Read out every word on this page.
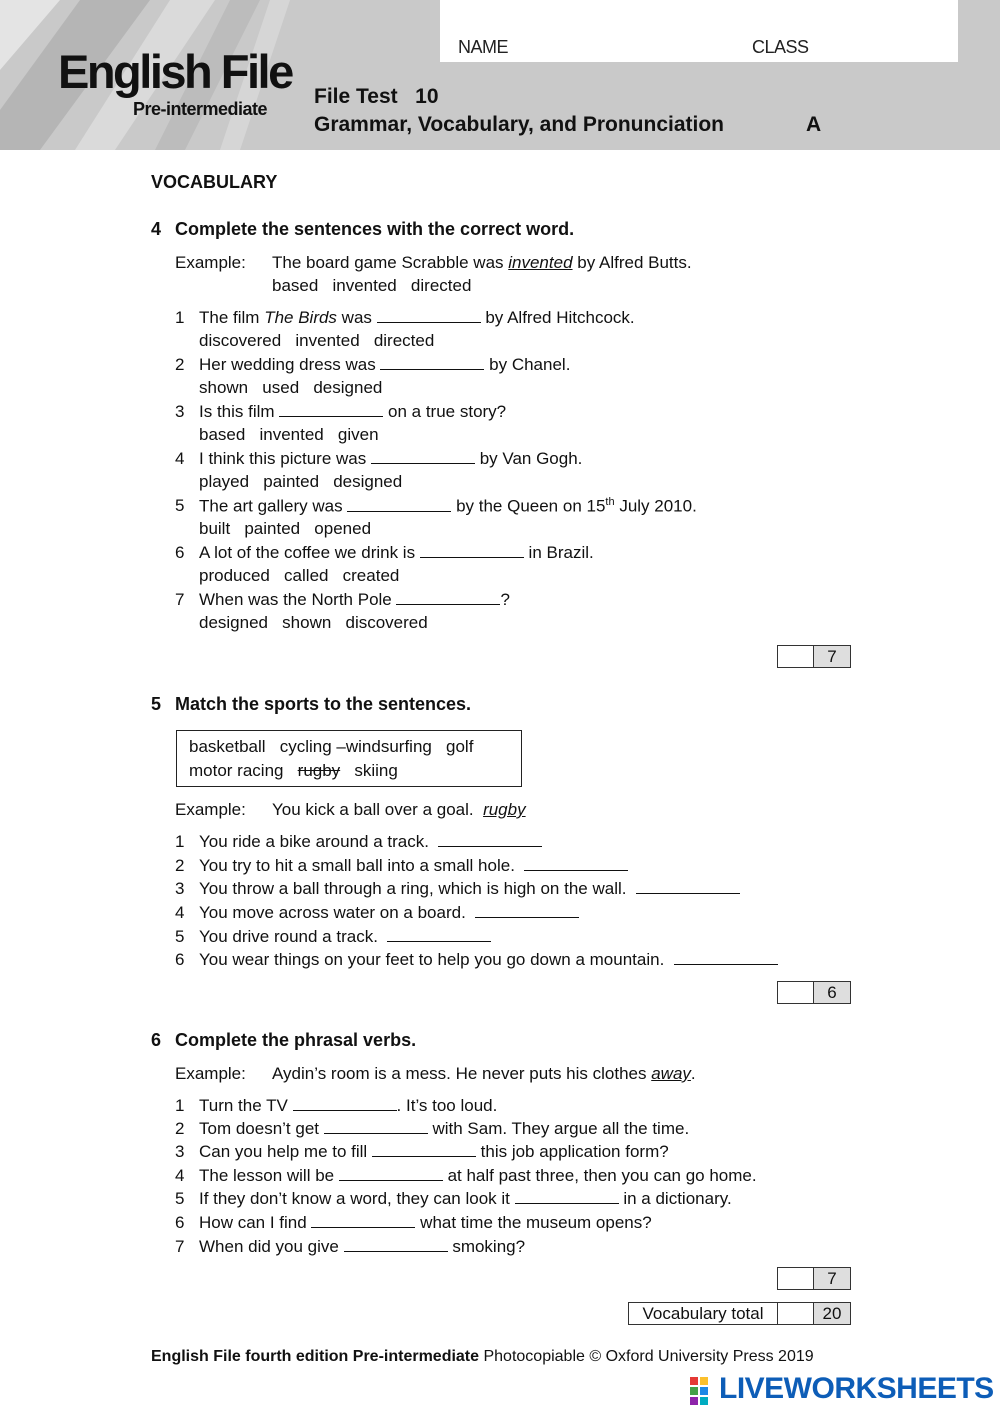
English File
Pre-intermediate
NAME	CLASS
File Test   10
Grammar, Vocabulary, and Pronunciation	A
VOCABULARY
4 Complete the sentences with the correct word.
Example: The board game Scrabble was invented by Alfred Butts.
based   invented   directed
1 The film The Birds was	by Alfred Hitchcock.
discovered   invented   directed
2 Her wedding dress was	by Chanel.
shown   used   designed
3 Is this film	on a true story?
based   invented   given
4 I think this picture was	by Van Gogh.
played   painted   designed
5 The art gallery was	by the Queen on 15th July 2010.
built   painted   opened
6 A lot of the coffee we drink is	in Brazil.
produced   called   created
7 When was the North Pole	?
designed   shown   discovered
7
5 Match the sports to the sentences.
basketball   cycling –windsurfing   golf
motor racing   rugby   skiing
Example: You kick a ball over a goal.  rugby
1 You ride a bike around a track.
2 You try to hit a small ball into a small hole.
3 You throw a ball through a ring, which is high on the wall.
4 You move across water on a board.
5 You drive round a track.
6 You wear things on your feet to help you go down a mountain.
6
6 Complete the phrasal verbs.
Example: Aydin’s room is a mess. He never puts his clothes away.
1 Turn the TV	. It’s too loud.
2 Tom doesn’t get	with Sam. They argue all the time.
3 Can you help me to fill	this job application form?
4 The lesson will be	at half past three, then you can go home.
5 If they don’t know a word, they can look it	in a dictionary.
6 How can I find	what time the museum opens?
7 When did you give	smoking?
7
Vocabulary total	20
English File fourth edition Pre-intermediate Photocopiable © Oxford University Press 2019
LIVEWORKSHEETS
